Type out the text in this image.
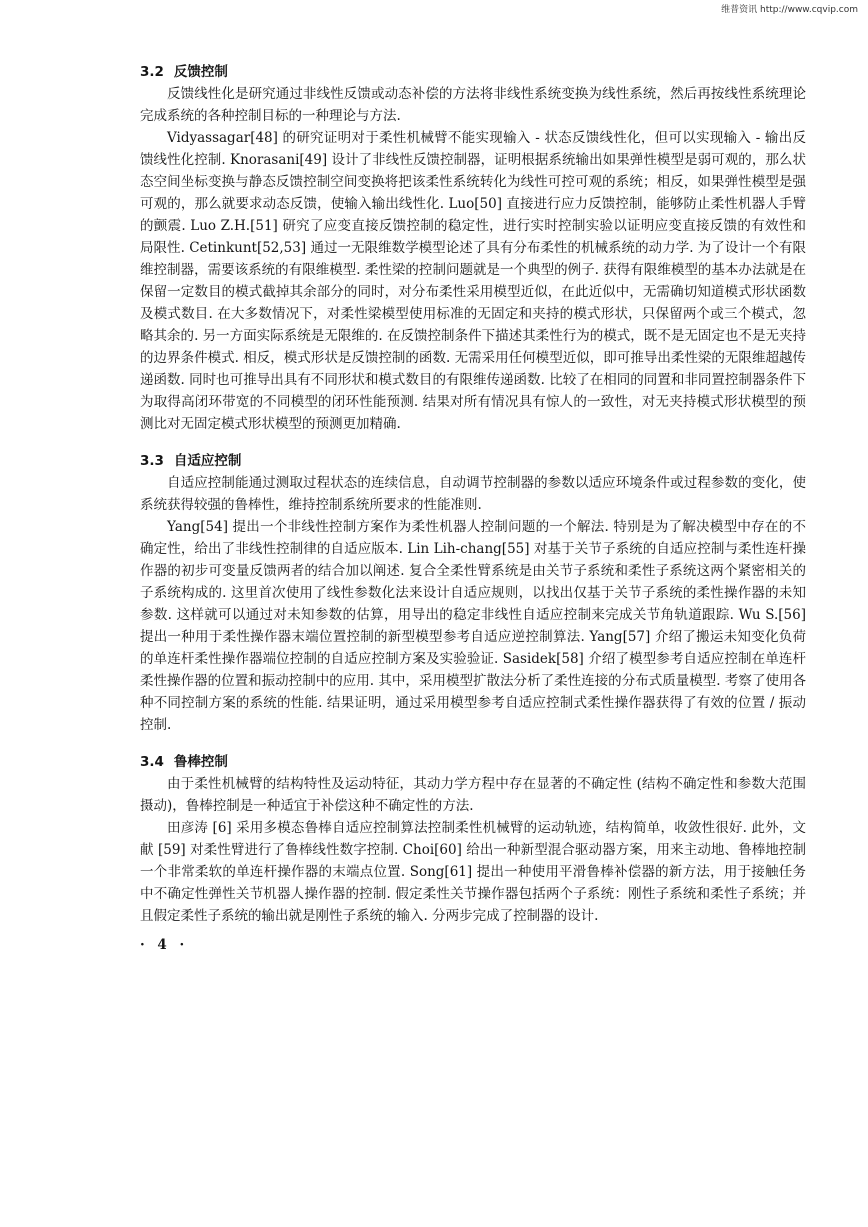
维普资讯 http://www.cqvip.com
3.2 反馈控制

反馈线性化是研究通过非线性反馈或动态补偿的方法将非线性系统变换为线性系统，然后再按线性系统理论完成系统的各种控制目标的一种理论与方法.

Vidyassagar[48] 的研究证明对于柔性机械臂不能实现输入 - 状态反馈线性化，但可以实现输入 - 输出反馈线性化控制. Knorasani[49] 设计了非线性反馈控制器，证明根据系统输出如果弹性模型是弱可观的，那么状态空间坐标变换与静态反馈控制空间变换将把该柔性系统转化为线性可控可观的系统；相反，如果弹性模型是强可观的，那么就要求动态反馈，使输入输出线性化. Luo[50] 直接进行应力反馈控制，能够防止柔性机器人手臂的颤震. Luo Z.H.[51] 研究了应变直接反馈控制的稳定性，进行实时控制实验以证明应变直接反馈的有效性和局限性. Cetinkunt[52,53] 通过一无限维数学模型论述了具有分布柔性的机械系统的动力学. 为了设计一个有限维控制器，需要该系统的有限维模型. 柔性梁的控制问题就是一个典型的例子. 获得有限维模型的基本办法就是在保留一定数目的模式截掉其余部分的同时，对分布柔性采用模型近似，在此近似中，无需确切知道模式形状函数及模式数目. 在大多数情况下，对柔性梁模型使用标准的无固定和夹持的模式形状，只保留两个或三个模式，忽略其余的. 另一方面实际系统是无限维的. 在反馈控制条件下描述其柔性行为的模式，既不是无固定也不是无夹持的边界条件模式. 相反，模式形状是反馈控制的函数. 无需采用任何模型近似，即可推导出柔性梁的无限维超越传递函数. 同时也可推导出具有不同形状和模式数目的有限维传递函数. 比较了在相同的同置和非同置控制器条件下为取得高闭环带宽的不同模型的闭环性能预测. 结果对所有情况具有惊人的一致性，对无夹持模式形状模型的预测比对无固定模式形状模型的预测更加精确.

3.3 自适应控制

自适应控制能通过测取过程状态的连续信息，自动调节控制器的参数以适应环境条件或过程参数的变化，使系统获得较强的鲁棒性，维持控制系统所要求的性能准则.

Yang[54] 提出一个非线性控制方案作为柔性机器人控制问题的一个解法. 特别是为了解决模型中存在的不确定性，给出了非线性控制律的自适应版本. Lin Lih-chang[55] 对基于关节子系统的自适应控制与柔性连杆操作器的初步可变量反馈两者的结合加以阐述. 复合全柔性臂系统是由关节子系统和柔性子系统这两个紧密相关的子系统构成的. 这里首次使用了线性参数化法来设计自适应规则，以找出仅基于关节子系统的柔性操作器的未知参数. 这样就可以通过对未知参数的估算，用导出的稳定非线性自适应控制来完成关节角轨道跟踪. Wu S.[56] 提出一种用于柔性操作器末端位置控制的新型模型参考自适应逆控制算法. Yang[57] 介绍了搬运未知变化负荷的单连杆柔性操作器端位控制的自适应控制方案及实验验证. Sasidek[58] 介绍了模型参考自适应控制在单连杆柔性操作器的位置和振动控制中的应用. 其中，采用模型扩散法分析了柔性连接的分布式质量模型. 考察了使用各种不同控制方案的系统的性能. 结果证明，通过采用模型参考自适应控制式柔性操作器获得了有效的位置 / 振动控制.

3.4 鲁棒控制

由于柔性机械臂的结构特性及运动特征，其动力学方程中存在显著的不确定性 (结构不确定性和参数大范围摄动)，鲁棒控制是一种适宜于补偿这种不确定性的方法.

田彦涛 [6] 采用多模态鲁棒自适应控制算法控制柔性机械臂的运动轨迹，结构简单，收敛性很好. 此外，文献 [59] 对柔性臂进行了鲁棒线性数字控制. Choi[60] 给出一种新型混合驱动器方案，用来主动地、鲁棒地控制一个非常柔软的单连杆操作器的末端点位置. Song[61] 提出一种使用平滑鲁棒补偿器的新方法，用于接触任务中不确定性弹性关节机器人操作器的控制. 假定柔性关节操作器包括两个子系统：刚性子系统和柔性子系统；并且假定柔性子系统的输出就是刚性子系统的输入. 分两步完成了控制器的设计.

· 4 ·
